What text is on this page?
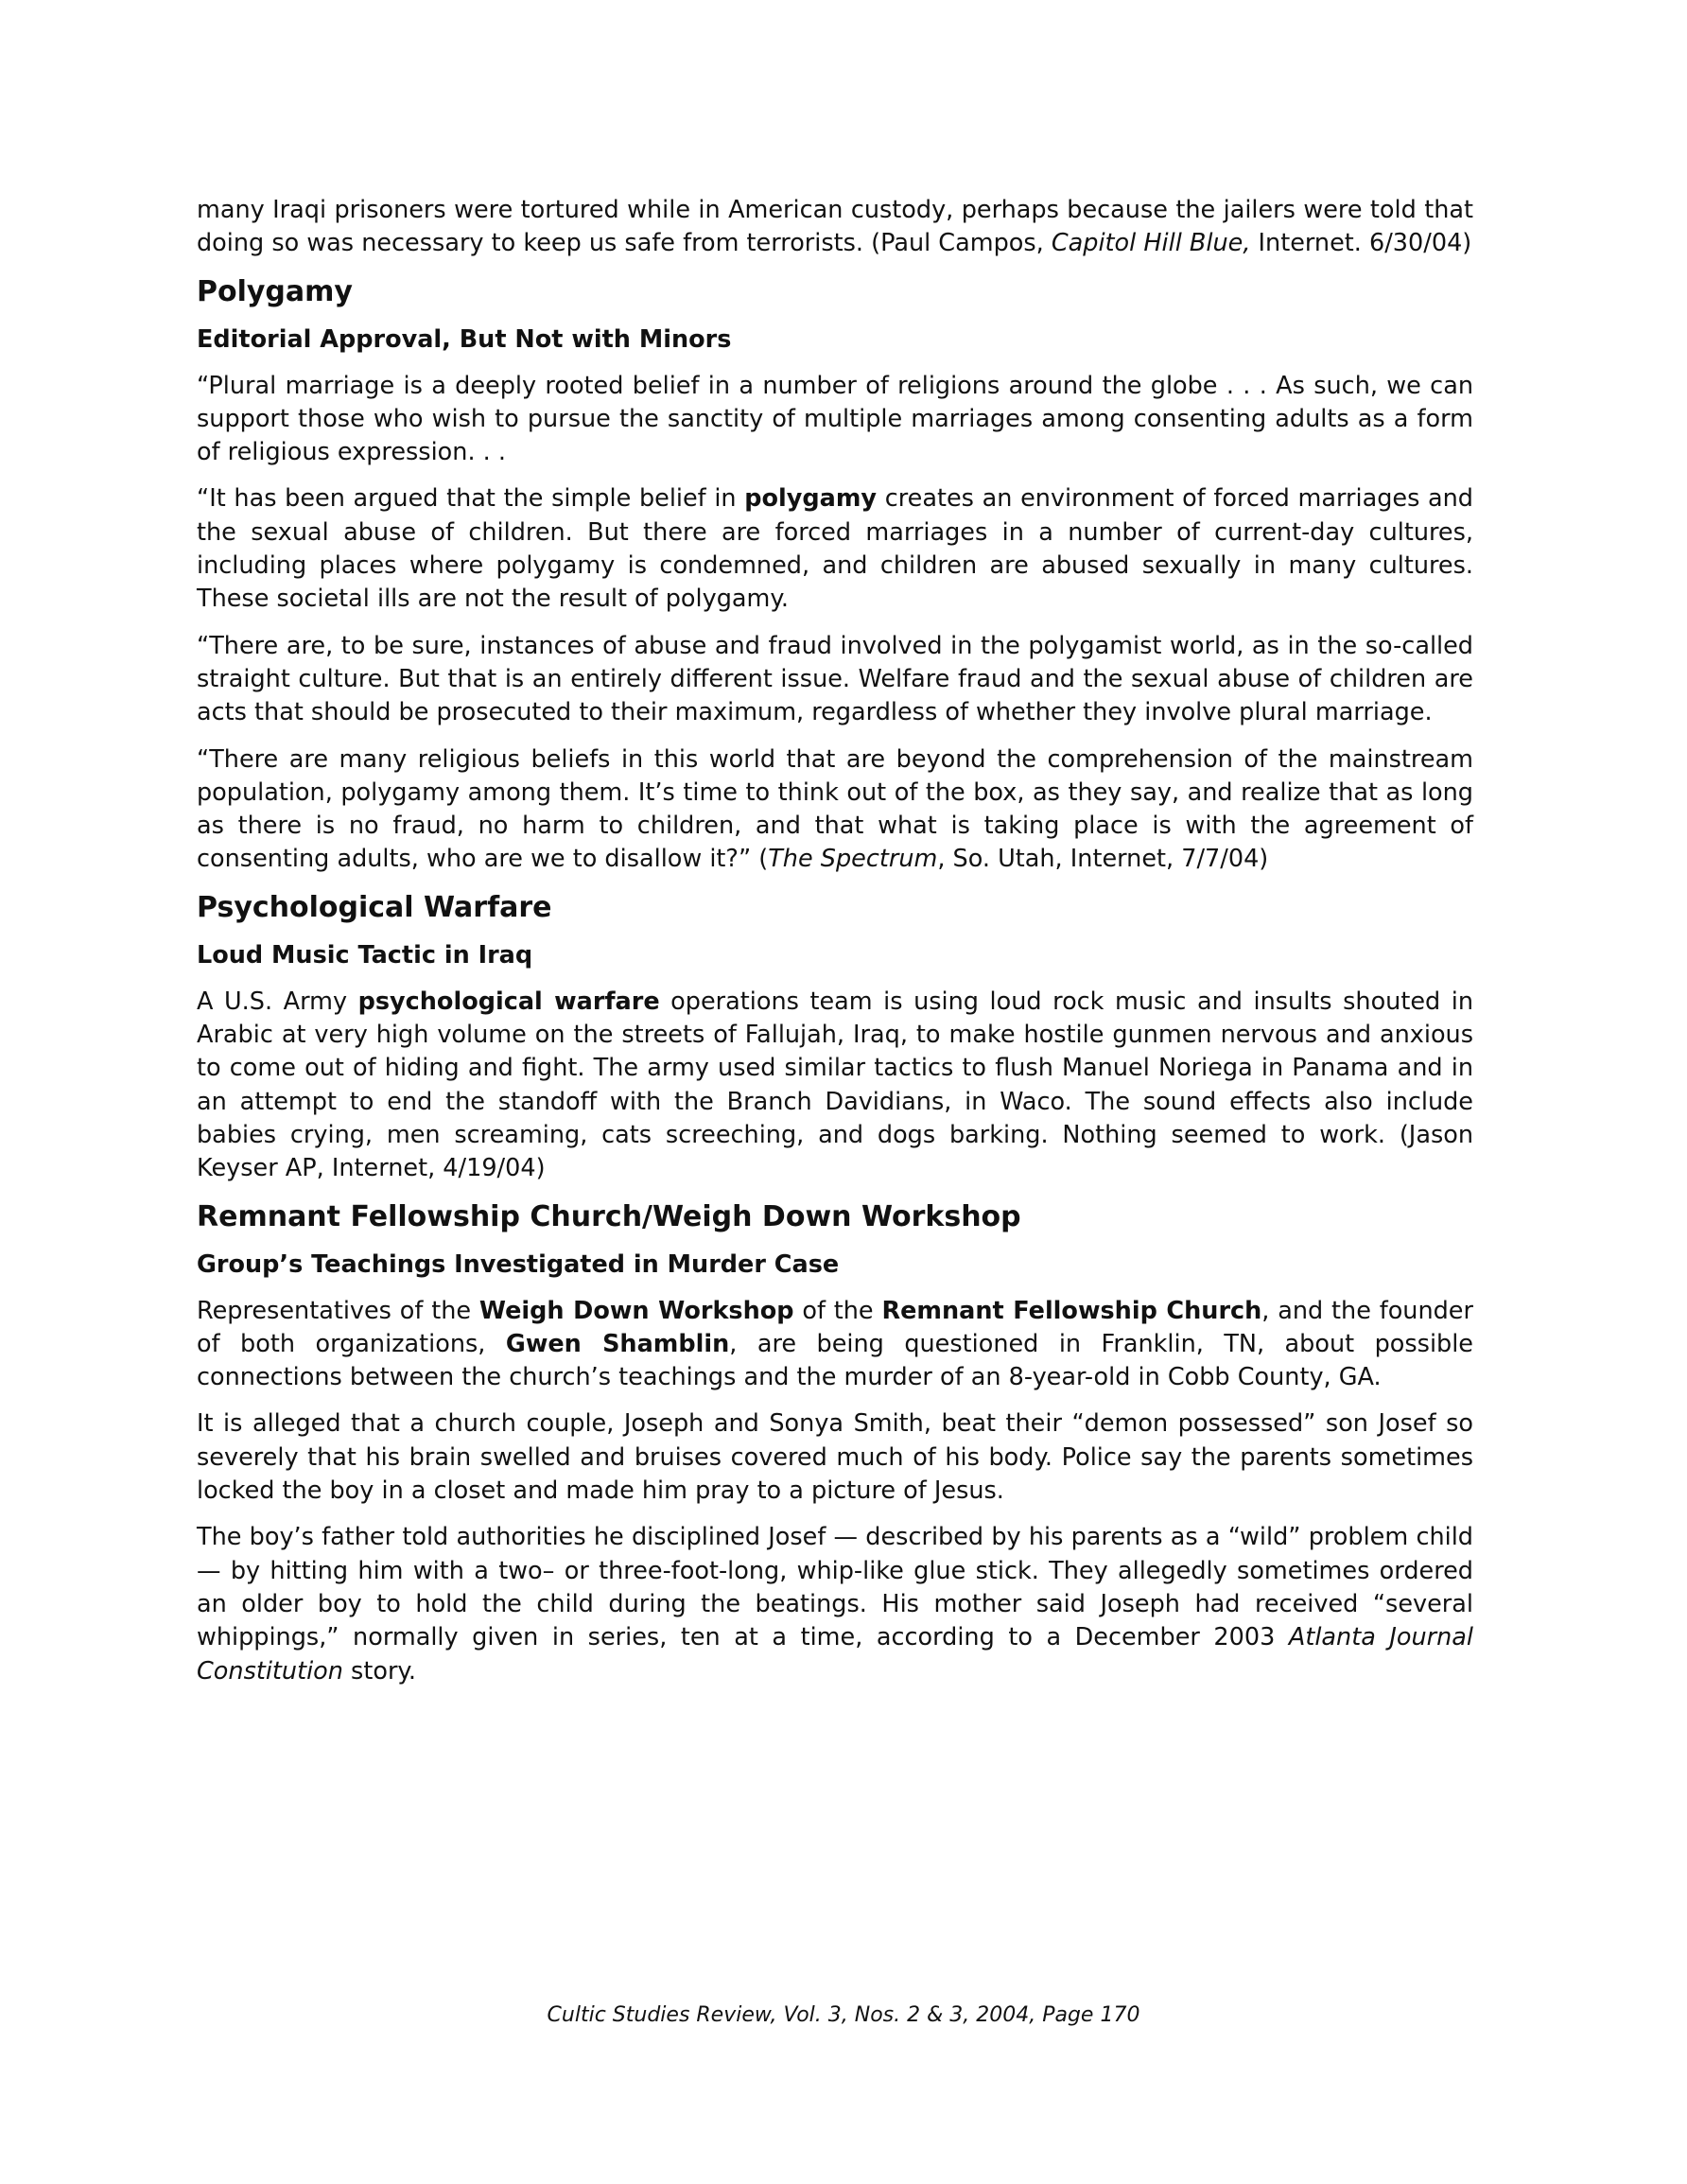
many Iraqi prisoners were tortured while in American custody, perhaps because the jailers were told that doing so was necessary to keep us safe from terrorists. (Paul Campos, Capitol Hill Blue, Internet. 6/30/04)

Polygamy
Editorial Approval, But Not with Minors

“Plural marriage is a deeply rooted belief in a number of religions around the globe . . . As such, we can support those who wish to pursue the sanctity of multiple marriages among consenting adults as a form of religious expression. . .

“It has been argued that the simple belief in polygamy creates an environment of forced marriages and the sexual abuse of children. But there are forced marriages in a number of current-day cultures, including places where polygamy is condemned, and children are abused sexually in many cultures. These societal ills are not the result of polygamy.

“There are, to be sure, instances of abuse and fraud involved in the polygamist world, as in the so-called straight culture. But that is an entirely different issue. Welfare fraud and the sexual abuse of children are acts that should be prosecuted to their maximum, regardless of whether they involve plural marriage.

“There are many religious beliefs in this world that are beyond the comprehension of the mainstream population, polygamy among them. It’s time to think out of the box, as they say, and realize that as long as there is no fraud, no harm to children, and that what is taking place is with the agreement of consenting adults, who are we to disallow it?” (The Spectrum, So. Utah, Internet, 7/7/04)

Psychological Warfare
Loud Music Tactic in Iraq

A U.S. Army psychological warfare operations team is using loud rock music and insults shouted in Arabic at very high volume on the streets of Fallujah, Iraq, to make hostile gunmen nervous and anxious to come out of hiding and fight. The army used similar tactics to flush Manuel Noriega in Panama and in an attempt to end the standoff with the Branch Davidians, in Waco. The sound effects also include babies crying, men screaming, cats screeching, and dogs barking. Nothing seemed to work. (Jason Keyser AP, Internet, 4/19/04)

Remnant Fellowship Church/Weigh Down Workshop
Group’s Teachings Investigated in Murder Case

Representatives of the Weigh Down Workshop of the Remnant Fellowship Church, and the founder of both organizations, Gwen Shamblin, are being questioned in Franklin, TN, about possible connections between the church’s teachings and the murder of an 8-year-old in Cobb County, GA.

It is alleged that a church couple, Joseph and Sonya Smith, beat their “demon possessed” son Josef so severely that his brain swelled and bruises covered much of his body. Police say the parents sometimes locked the boy in a closet and made him pray to a picture of Jesus.

The boy’s father told authorities he disciplined Josef — described by his parents as a “wild” problem child — by hitting him with a two– or three-foot-long, whip-like glue stick. They allegedly sometimes ordered an older boy to hold the child during the beatings. His mother said Joseph had received “several whippings,” normally given in series, ten at a time, according to a December 2003 Atlanta Journal Constitution story.

Cultic Studies Review, Vol. 3, Nos. 2 & 3, 2004, Page 170
